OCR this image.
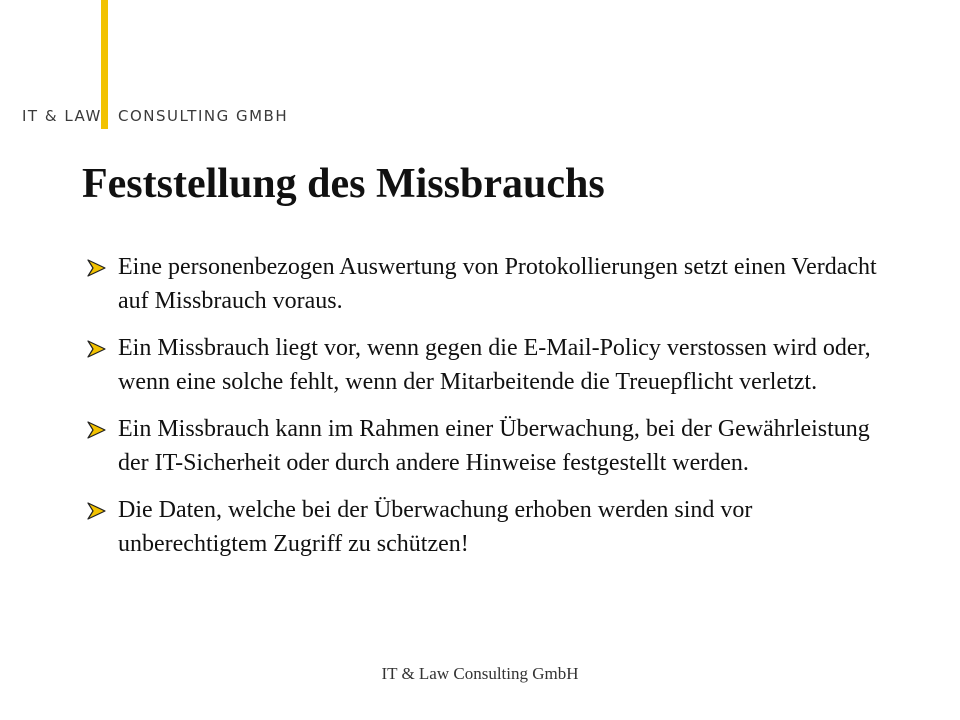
IT & LAW CONSULTING GMBH
Feststellung des Missbrauchs
Eine personenbezogen Auswertung von Protokollierungen setzt einen Verdacht auf Missbrauch voraus.
Ein Missbrauch liegt vor, wenn gegen die E-Mail-Policy verstossen wird oder, wenn eine solche fehlt, wenn der Mitarbeitende die Treuepflicht verletzt.
Ein Missbrauch kann im Rahmen einer Überwachung, bei der Gewährleistung der IT-Sicherheit oder durch andere Hinweise festgestellt werden.
Die Daten, welche bei der Überwachung erhoben werden sind vor unberechtigtem Zugriff zu schützen!
IT & Law Consulting GmbH
